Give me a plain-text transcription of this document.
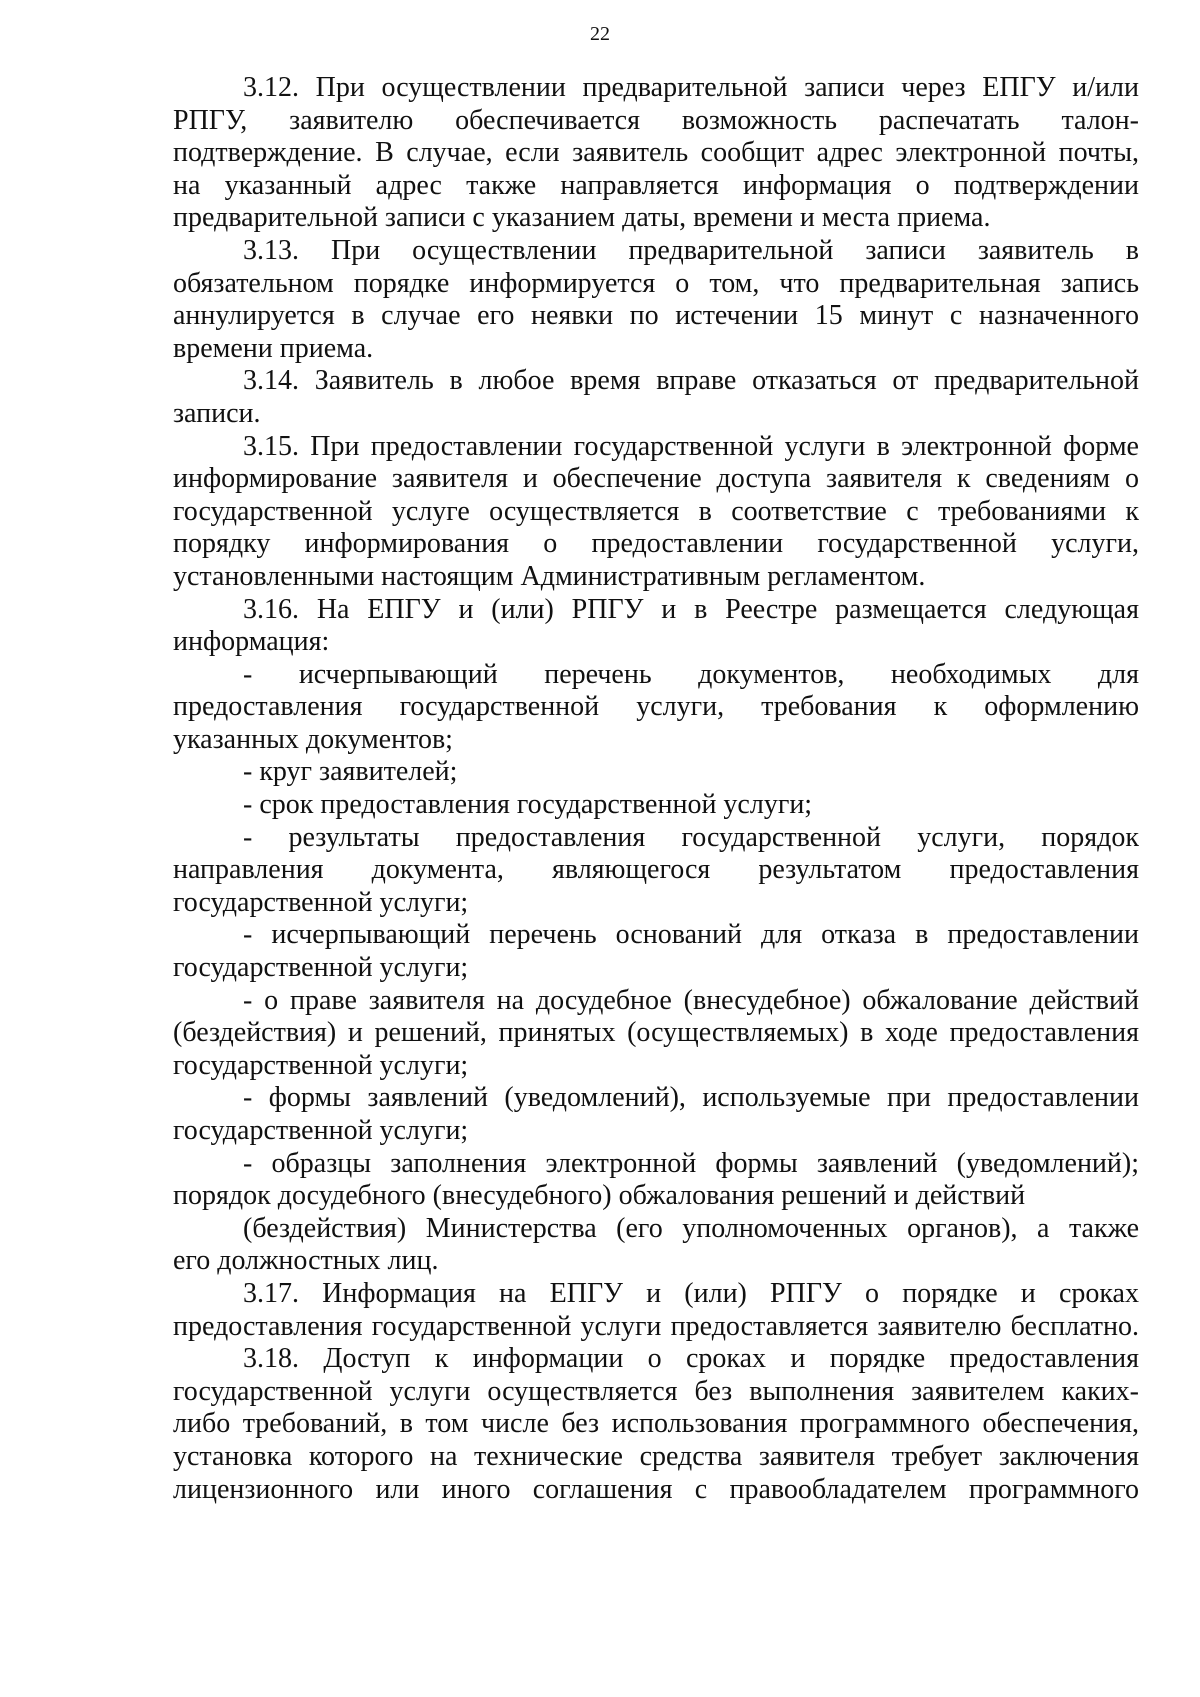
22
3.12. При осуществлении предварительной записи через ЕПГУ и/или
РПГУ, заявителю обеспечивается возможность распечатать талон-
подтверждение. В случае, если заявитель сообщит адрес электронной почты,
на указанный адрес также направляется информация о подтверждении
предварительной записи с указанием даты, времени и места приема.
3.13. При осуществлении предварительной записи заявитель в
обязательном порядке информируется о том, что предварительная запись
аннулируется в случае его неявки по истечении 15 минут с назначенного
времени приема.
3.14. Заявитель в любое время вправе отказаться от предварительной
записи.
3.15. При предоставлении государственной услуги в электронной форме
информирование заявителя и обеспечение доступа заявителя к сведениям о
государственной услуге осуществляется в соответствие с требованиями к
порядку информирования о предоставлении государственной услуги,
установленными настоящим Административным регламентом.
3.16. На ЕПГУ и (или) РПГУ и в Реестре размещается следующая
информация:
- исчерпывающий перечень документов, необходимых для
предоставления государственной услуги, требования к оформлению
указанных документов;
- круг заявителей;
- срок предоставления государственной услуги;
- результаты предоставления государственной услуги, порядок
направления документа, являющегося результатом предоставления
государственной услуги;
- исчерпывающий перечень оснований для отказа в предоставлении
государственной услуги;
- о праве заявителя на досудебное (внесудебное) обжалование действий
(бездействия) и решений, принятых (осуществляемых) в ходе предоставления
государственной услуги;
- формы заявлений (уведомлений), используемые при предоставлении
государственной услуги;
- образцы заполнения электронной формы заявлений (уведомлений);
порядок досудебного (внесудебного) обжалования решений и действий
(бездействия) Министерства (его уполномоченных органов), а также
его должностных лиц.
3.17. Информация на ЕПГУ и (или) РПГУ о порядке и сроках
предоставления государственной услуги предоставляется заявителю бесплатно.
3.18. Доступ к информации о сроках и порядке предоставления
государственной услуги осуществляется без выполнения заявителем каких-
либо требований, в том числе без использования программного обеспечения,
установка которого на технические средства заявителя требует заключения
лицензионного или иного соглашения с правообладателем программного
